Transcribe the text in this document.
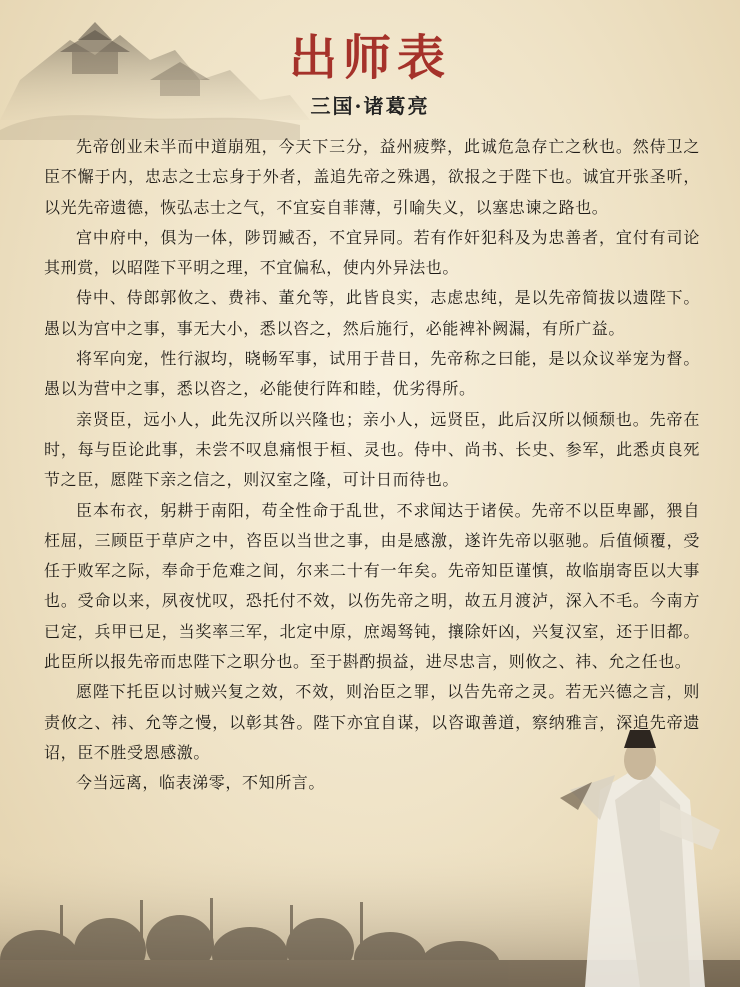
出师表
三国·诸葛亮

先帝创业未半而中道崩殂，今天下三分，益州疲弊，此诚危急存亡之秋也。然侍卫之臣不懈于内，忠志之士忘身于外者，盖追先帝之殊遇，欲报之于陛下也。诚宜开张圣听，以光先帝遗德，恢弘志士之气，不宜妄自菲薄，引喻失义，以塞忠谏之路也。

宫中府中，俱为一体，陟罚臧否，不宜异同。若有作奸犯科及为忠善者，宜付有司论其刑赏，以昭陛下平明之理，不宜偏私，使内外异法也。

侍中、侍郎郭攸之、费祎、董允等，此皆良实，志虑忠纯，是以先帝简拔以遗陛下。愚以为宫中之事，事无大小，悉以咨之，然后施行，必能裨补阙漏，有所广益。

将军向宠，性行淑均，晓畅军事，试用于昔日，先帝称之曰能，是以众议举宠为督。愚以为营中之事，悉以咨之，必能使行阵和睦，优劣得所。

亲贤臣，远小人，此先汉所以兴隆也；亲小人，远贤臣，此后汉所以倾颓也。先帝在时，每与臣论此事，未尝不叹息痛恨于桓、灵也。侍中、尚书、长史、参军，此悉贞良死节之臣，愿陛下亲之信之，则汉室之隆，可计日而待也。

臣本布衣，躬耕于南阳，苟全性命于乱世，不求闻达于诸侯。先帝不以臣卑鄙，猥自枉屈，三顾臣于草庐之中，咨臣以当世之事，由是感激，遂许先帝以驱驰。后值倾覆，受任于败军之际，奉命于危难之间，尔来二十有一年矣。先帝知臣谨慎，故临崩寄臣以大事也。受命以来，夙夜忧叹，恐托付不效，以伤先帝之明，故五月渡泸，深入不毛。今南方已定，兵甲已足，当奖率三军，北定中原，庶竭驽钝，攘除奸凶，兴复汉室，还于旧都。此臣所以报先帝而忠陛下之职分也。至于斟酌损益，进尽忠言，则攸之、祎、允之任也。

愿陛下托臣以讨贼兴复之效，不效，则治臣之罪，以告先帝之灵。若无兴德之言，则责攸之、祎、允等之慢，以彰其咎。陛下亦宜自谋，以咨诹善道，察纳雅言，深追先帝遗诏，臣不胜受恩感激。

今当远离，临表涕零，不知所言。
